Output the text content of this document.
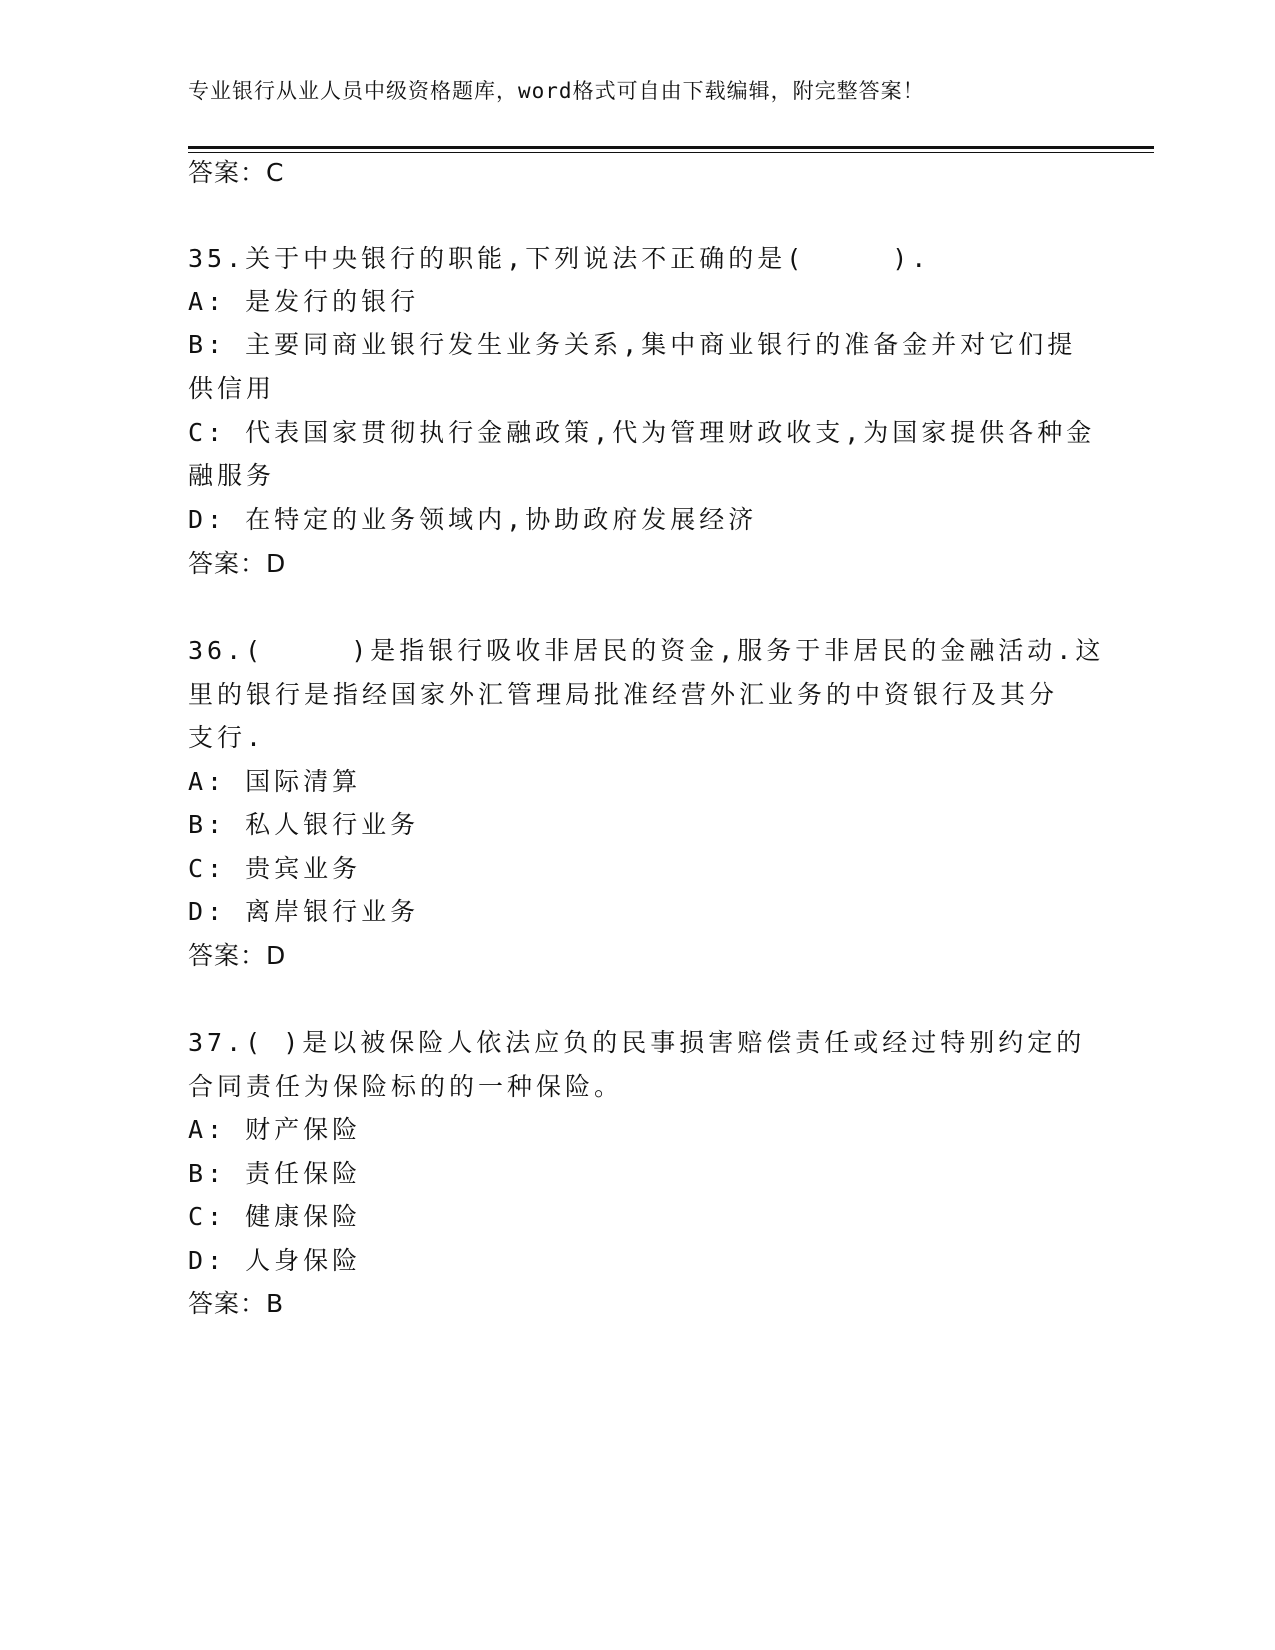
专业银行从业人员中级资格题库，word格式可自由下载编辑，附完整答案！
答案：C
35.关于中央银行的职能,下列说法不正确的是(　　　).
A: 是发行的银行
B: 主要同商业银行发生业务关系,集中商业银行的准备金并对它们提
供信用
C: 代表国家贯彻执行金融政策,代为管理财政收支,为国家提供各种金
融服务
D: 在特定的业务领域内,协助政府发展经济
答案：D
36.(　　　)是指银行吸收非居民的资金,服务于非居民的金融活动.这
里的银行是指经国家外汇管理局批准经营外汇业务的中资银行及其分
支行.
A: 国际清算
B: 私人银行业务
C: 贵宾业务
D: 离岸银行业务
答案：D
37.( )是以被保险人依法应负的民事损害赔偿责任或经过特别约定的
合同责任为保险标的的一种保险。
A: 财产保险
B: 责任保险
C: 健康保险
D: 人身保险
答案：B
